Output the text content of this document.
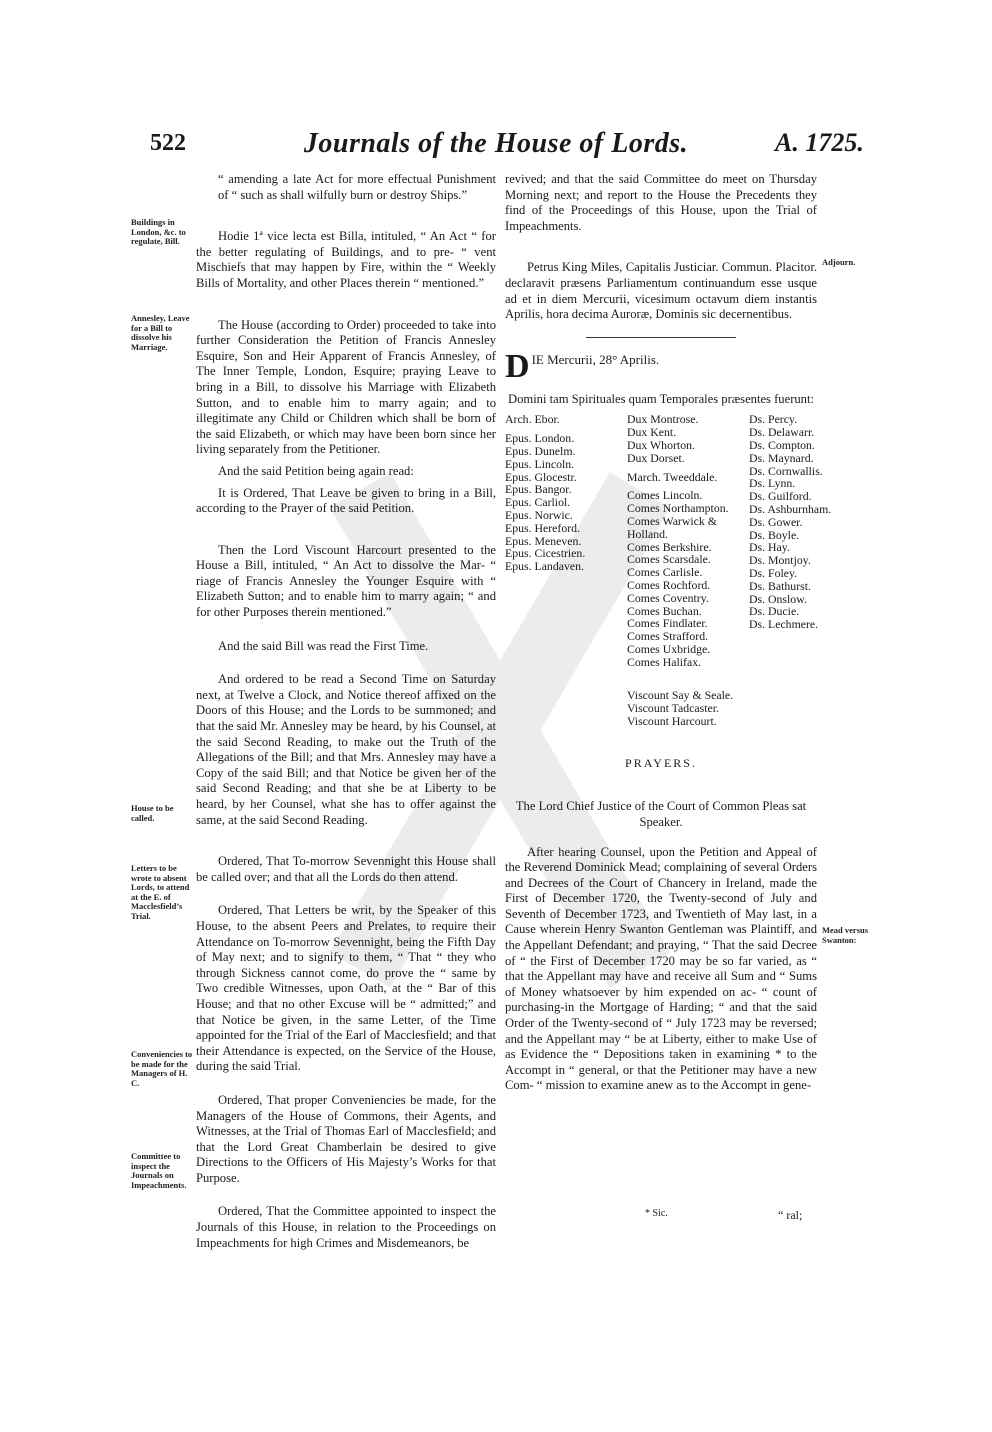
522	Journals of the House of Lords.	A. 1725.
Buildings in London, &c. to regulate, Bill.
Annesley, Leave for a Bill to dissolve his Marriage.
House to be called.
Letters to be wrote to absent Lords, to attend at the E. of Macclesfield’s Trial.
Conveniencies to be made for the Managers of H. C.
Committee to inspect the Journals on Impeachments.
Adjourn.
Mead versus Swanton:

“ amending a late Act for more effectual Punishment of “ such as shall wilfully burn or destroy Ships.”

Hodie 1ª vice lecta est Billa, intituled, “ An Act “ for the better regulating of Buildings, and to pre- “ vent Mischiefs that may happen by Fire, within the “ Weekly Bills of Mortality, and other Places therein “ mentioned.”

The House (according to Order) proceeded to take into further Consideration the Petition of Francis Annesley Esquire, Son and Heir Apparent of Francis Annesley, of The Inner Temple, London, Esquire; praying Leave to bring in a Bill, to dissolve his Marriage with Elizabeth Sutton, and to enable him to marry again; and to illegitimate any Child or Children which shall be born of the said Elizabeth, or which may have been born since her living separately from the Petitioner.

And the said Petition being again read:

It is Ordered, That Leave be given to bring in a Bill, according to the Prayer of the said Petition.

Then the Lord Viscount Harcourt presented to the House a Bill, intituled, “ An Act to dissolve the Mar- “ riage of Francis Annesley the Younger Esquire with “ Elizabeth Sutton; and to enable him to marry again; “ and for other Purposes therein mentioned.”

And the said Bill was read the First Time.

And ordered to be read a Second Time on Saturday next, at Twelve a Clock, and Notice thereof affixed on the Doors of this House; and the Lords to be summoned; and that the said Mr. Annesley may be heard, by his Counsel, at the said Second Reading, to make out the Truth of the Allegations of the Bill; and that Mrs. Annesley may have a Copy of the said Bill; and that Notice be given her of the said Second Reading; and that she be at Liberty to be heard, by her Counsel, what she has to offer against the same, at the said Second Reading.

Ordered, That To-morrow Sevennight this House shall be called over; and that all the Lords do then attend.

Ordered, That Letters be writ, by the Speaker of this House, to the absent Peers and Prelates, to require their Attendance on To-morrow Sevennight, being the Fifth Day of May next; and to signify to them, “ That “ they who through Sickness cannot come, do prove the “ same by Two credible Witnesses, upon Oath, at the “ Bar of this House; and that no other Excuse will be “ admitted;” and that Notice be given, in the same Letter, of the Time appointed for the Trial of the Earl of Macclesfield; and that their Attendance is expected, on the Service of the House, during the said Trial.

Ordered, That proper Conveniencies be made, for the Managers of the House of Commons, their Agents, and Witnesses, at the Trial of Thomas Earl of Macclesfield; and that the Lord Great Chamberlain be desired to give Directions to the Officers of His Majesty’s Works for that Purpose.

Ordered, That the Committee appointed to inspect the Journals of this House, in relation to the Proceedings on Impeachments for high Crimes and Misdemeanors, be

revived; and that the said Committee do meet on Thursday Morning next; and report to the House the Precedents they find of the Proceedings of this House, upon the Trial of Impeachments.

Petrus King Miles, Capitalis Justiciar. Commun. Placitor. declaravit præsens Parliamentum continuandum esse usque ad et in diem Mercurii, vicesimum octavum diem instantis Aprilis, hora decima Auroræ, Dominis sic decernentibus.

D IE Mercurii, 28° Aprilis.

Domini tam Spirituales quam Temporales præsentes fuerunt:

Arch. Ebor.

Epus. London.
Epus. Dunelm.
Epus. Lincoln.
Epus. Glocestr.
Epus. Bangor.
Epus. Carliol.
Epus. Norwic.
Epus. Hereford.
Epus. Meneven.
Epus. Cicestrien.
Epus. Landaven.
Dux Montrose.
Dux Kent.
Dux Whorton.
Dux Dorset.

March. Tweeddale.

Comes Lincoln.
Comes Northampton.
Comes Warwick &
Holland.
Comes Berkshire.
Comes Scarsdale.
Comes Carlisle.
Comes Rochford.
Comes Coventry.
Comes Buchan.
Comes Findlater.
Comes Strafford.
Comes Uxbridge.
Comes Halifax.
Ds. Percy.
Ds. Delawarr.
Ds. Compton.
Ds. Maynard.
Ds. Cornwallis.
Ds. Lynn.
Ds. Guilford.
Ds. Ashburnham.
Ds. Gower.
Ds. Boyle.
Ds. Hay.
Ds. Montjoy.
Ds. Foley.
Ds. Bathurst.
Ds. Onslow.
Ds. Ducie.
Ds. Lechmere.
Viscount Say & Seale.
Viscount Tadcaster.
Viscount Harcourt.
PRAYERS.
The Lord Chief Justice of the Court of Common Pleas sat Speaker.

After hearing Counsel, upon the Petition and Appeal of the Reverend Dominick Mead; complaining of several Orders and Decrees of the Court of Chancery in Ireland, made the First of December 1720, the Twenty-second of July and Seventh of December 1723, and Twentieth of May last, in a Cause wherein Henry Swanton Gentleman was Plaintiff, and the Appellant Defendant; and praying, “ That the said Decree of “ the First of December 1720 may be so far varied, as “ that the Appellant may have and receive all Sum and “ Sums of Money whatsoever by him expended on ac- “ count of purchasing-in the Mortgage of Harding; “ and that the said Order of the Twenty-second of “ July 1723 may be reversed; and the Appellant may “ be at Liberty, either to make Use of as Evidence the “ Depositions taken in examining * to the Accompt in “ general, or that the Petitioner may have a new Com- “ mission to examine anew as to the Accompt in gene-

* Sic.	“ ral;
